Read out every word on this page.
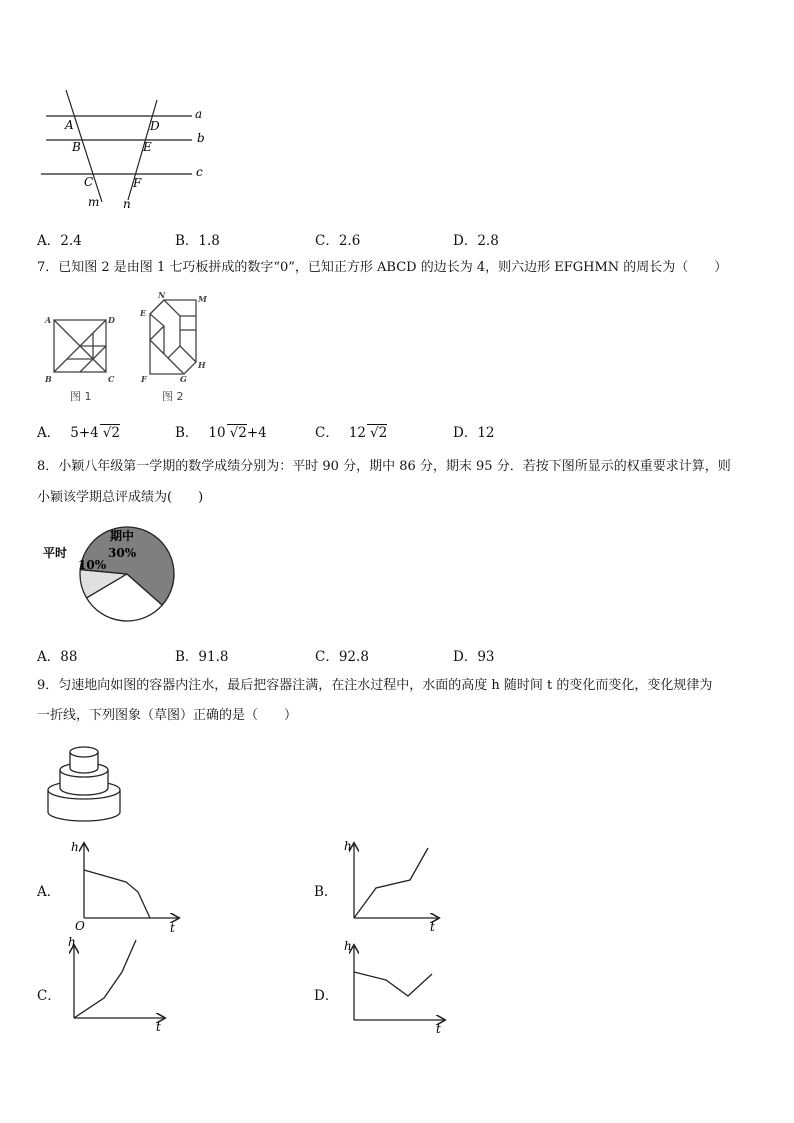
a
b
c
m n
A
B
C
D
E
F
A．2.4	B．1.8	C．2.6	D．2.8
7．已知图 2 是由图 1 七巧板拼成的数字“0”，已知正方形 ABCD 的边长为 4，则六边形 EFGHMN 的周长为（　　）
A	D
B	C
图 1
N	M
E
F	G
H
图 2
A． 5+4 √2	B． 10 √2+4	C． 12 √2	D．12
8．小颖八年级第一学期的数学成绩分别为：平时 90 分，期中 86 分，期末 95 分．若按下图所显示的权重要求计算，则
小颖该学期总评成绩为(　　)
平时
10%
期中
30%
60%
期末
A．88	B．91.8	C．92.8	D．93
9．匀速地向如图的容器内注水，最后把容器注满，在注水过程中，水面的高度 h 随时间 t 的变化而变化，变化规律为
一折线，下列图象（草图）正确的是（　　）
A．
h
t
O
B．
h
t
C．
h
t
D．
h
t
